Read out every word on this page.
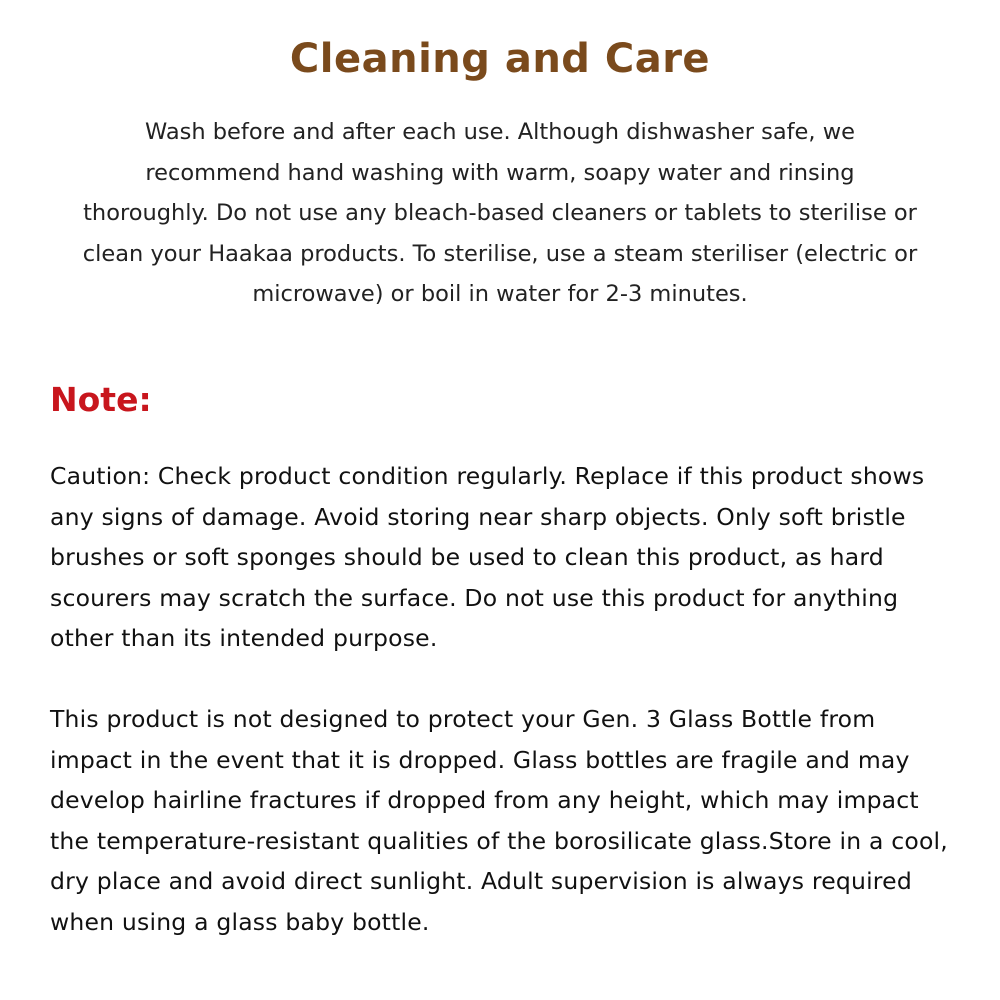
Cleaning and Care

Wash before and after each use. Although dishwasher safe, we recommend hand washing with warm, soapy water and rinsing thoroughly. Do not use any bleach-based cleaners or tablets to sterilise or clean your Haakaa products. To sterilise, use a steam steriliser (electric or microwave) or boil in water for 2-3 minutes.

Note:

Caution: Check product condition regularly. Replace if this product shows any signs of damage. Avoid storing near sharp objects. Only soft bristle brushes or soft sponges should be used to clean this product, as hard scourers may scratch the surface. Do not use this product for anything other than its intended purpose.

This product is not designed to protect your Gen. 3 Glass Bottle from impact in the event that it is dropped. Glass bottles are fragile and may develop hairline fractures if dropped from any height, which may impact the temperature-resistant qualities of the borosilicate glass.Store in a cool, dry place and avoid direct sunlight. Adult supervision is always required when using a glass baby bottle.
